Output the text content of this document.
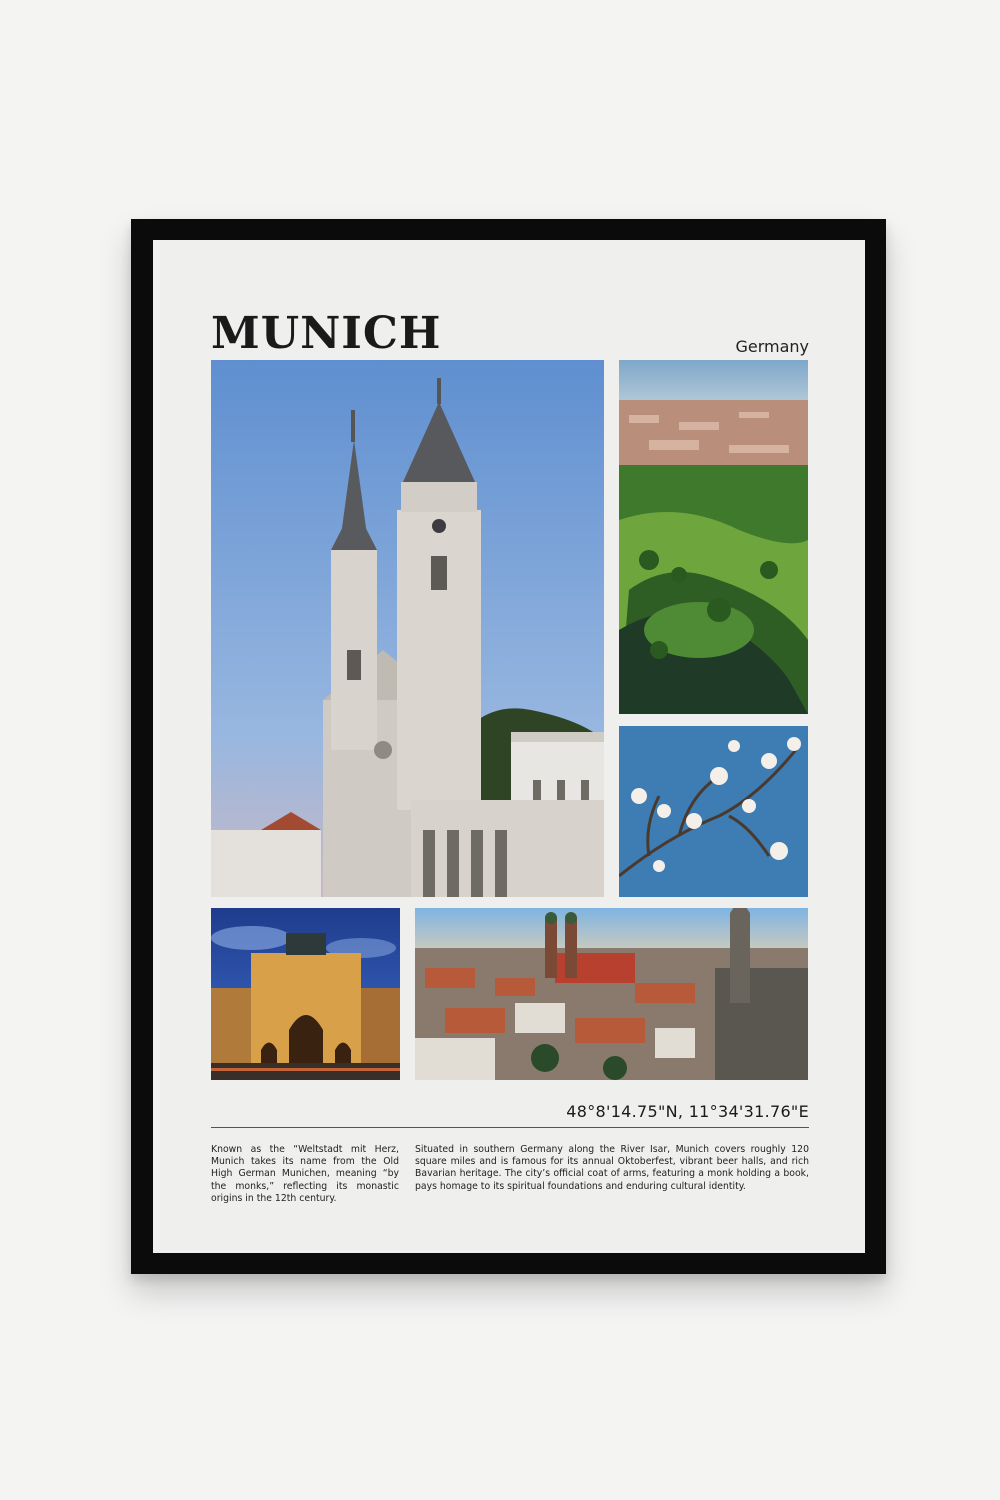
MUNICH	Germany
48°8'14.75"N, 11°34'31.76"E

Known as the “Weltstadt mit Herz, Munich takes its name from the Old High German Munichen, meaning “by the monks,” reflecting its monastic origins in the 12th century.

Situated in southern Germany along the River Isar, Munich covers roughly 120 square miles and is famous for its annual Oktoberfest, vibrant beer halls, and rich Bavarian heritage. The city’s official coat of arms, featuring a monk holding a book, pays homage to its spiritual foundations and enduring cultural identity.
